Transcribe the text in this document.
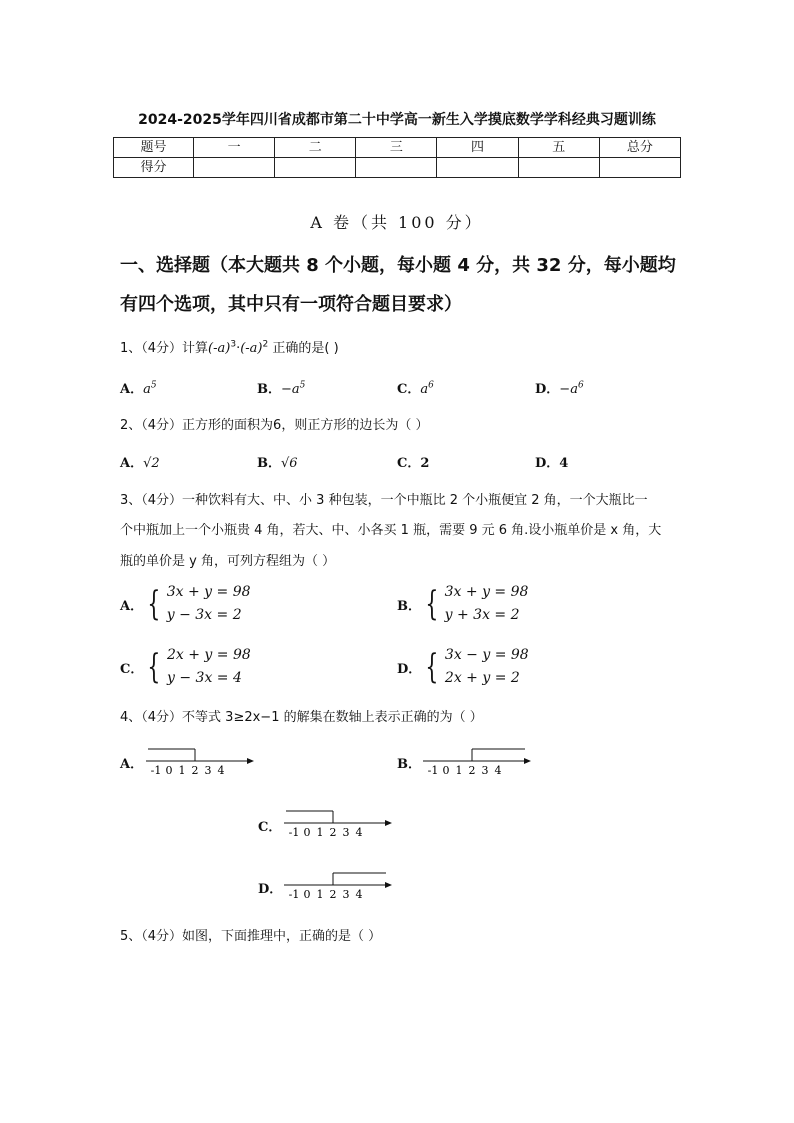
2024-2025学年四川省成都市第二十中学高一新生入学摸底数学学科经典习题训练
题号	一	二	三	四	五	总分
得分						
A 卷（共 100 分）
一、选择题（本大题共 8 个小题，每小题 4 分，共 32 分，每小题均
有四个选项，其中只有一项符合题目要求）
1、（4分）计算$(-a)^3\cdot(-a)^2$ 正确的是( )
A．$a^5$	B．$-a^5$	C．$a^6$	D．$-a^6$
2、（4分）正方形的面积为6，则正方形的边长为（ ）
A．√2	B．√6	C．2	D．4
3、（4分）一种饮料有大、中、小 3 种包装，一个中瓶比 2 个小瓶便宜 2 角，一个大瓶比一
个中瓶加上一个小瓶贵 4 角，若大、中、小各买 1 瓶，需要 9 元 6 角.设小瓶单价是 x 角，大
瓶的单价是 y 角，可列方程组为（ ）
A． { 3x + y = 98
y − 3x = 2
B． { 3x + y = 98
y + 3x = 2
C． { 2x + y = 98
y − 3x = 4
D． { 3x − y = 98
2x + y = 2
4、（4分）不等式 3≥2x−1 的解集在数轴上表示正确的为（ ）
A．	B．
C．
D．
-1 0 1 2 3 4	-1 0 1 2 3 4
-1 0 1 2 3 4
-1 0 1 2 3 4
5、（4分）如图，下面推理中，正确的是（ ）
